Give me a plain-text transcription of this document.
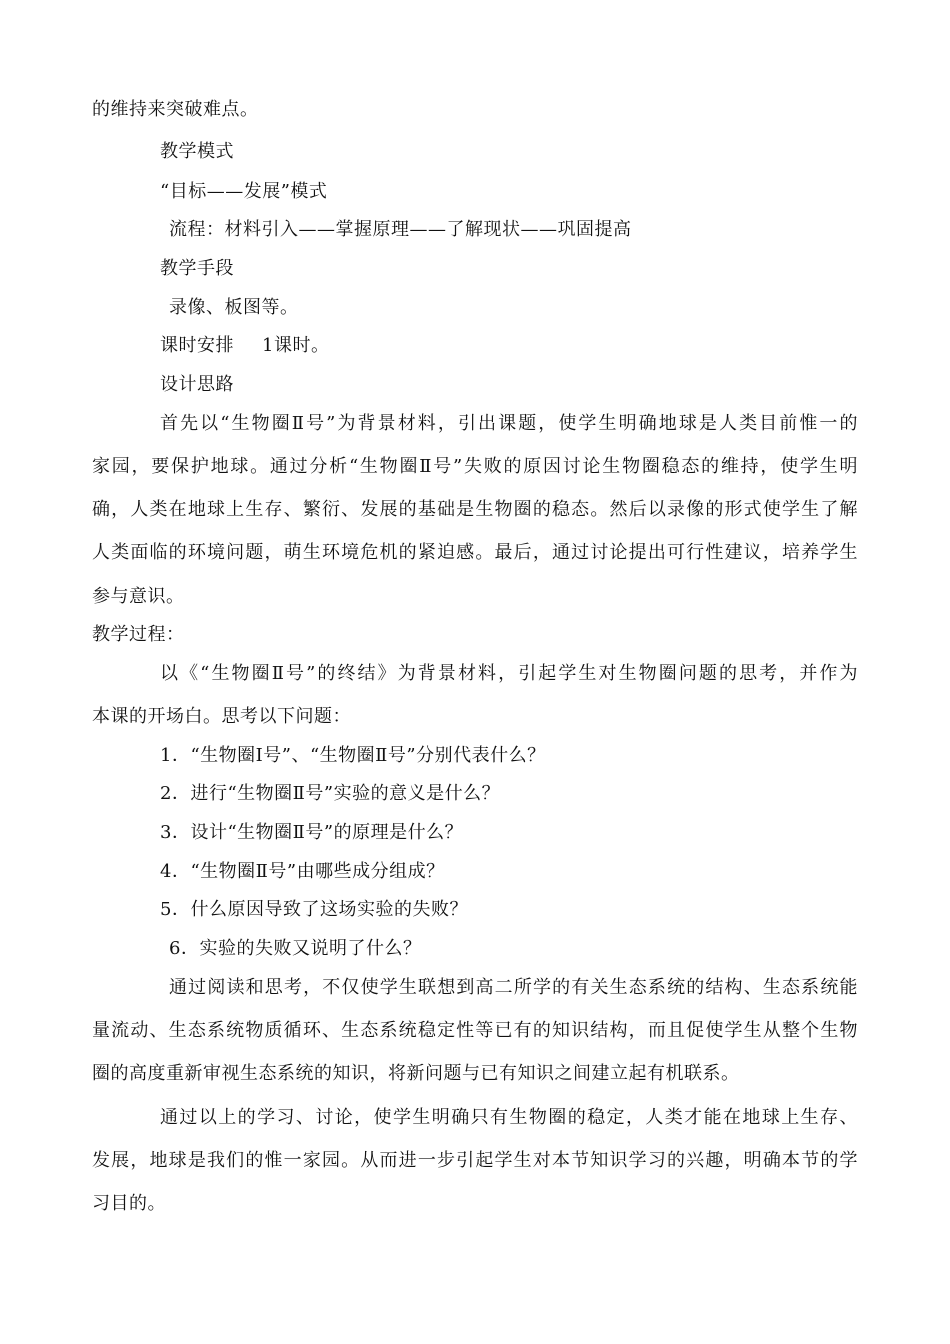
的维持来突破难点。
教学模式
“目标——发展”模式
流程：材料引入——掌握原理——了解现状——巩固提高
教学手段
录像、板图等。
课时安排 1课时。
设计思路
首先以“生物圈Ⅱ号”为背景材料，引出课题，使学生明确地球是人类目前惟一的
家园，要保护地球。通过分析“生物圈Ⅱ号”失败的原因讨论生物圈稳态的维持，使学生明
确，人类在地球上生存、繁衍、发展的基础是生物圈的稳态。然后以录像的形式使学生了解
人类面临的环境问题，萌生环境危机的紧迫感。最后，通过讨论提出可行性建议，培养学生
参与意识。
教学过程：
以《“生物圈Ⅱ号”的终结》为背景材料，引起学生对生物圈问题的思考，并作为
本课的开场白。思考以下问题：
1．“生物圈Ⅰ号”、“生物圈Ⅱ号”分别代表什么？
2．进行“生物圈Ⅱ号”实验的意义是什么？
3．设计“生物圈Ⅱ号”的原理是什么？
4．“生物圈Ⅱ号”由哪些成分组成？
5．什么原因导致了这场实验的失败？
6．实验的失败又说明了什么？
通过阅读和思考，不仅使学生联想到高二所学的有关生态系统的结构、生态系统能
量流动、生态系统物质循环、生态系统稳定性等已有的知识结构，而且促使学生从整个生物
圈的高度重新审视生态系统的知识，将新问题与已有知识之间建立起有机联系。
通过以上的学习、讨论，使学生明确只有生物圈的稳定，人类才能在地球上生存、
发展，地球是我们的惟一家园。从而进一步引起学生对本节知识学习的兴趣，明确本节的学
习目的。
